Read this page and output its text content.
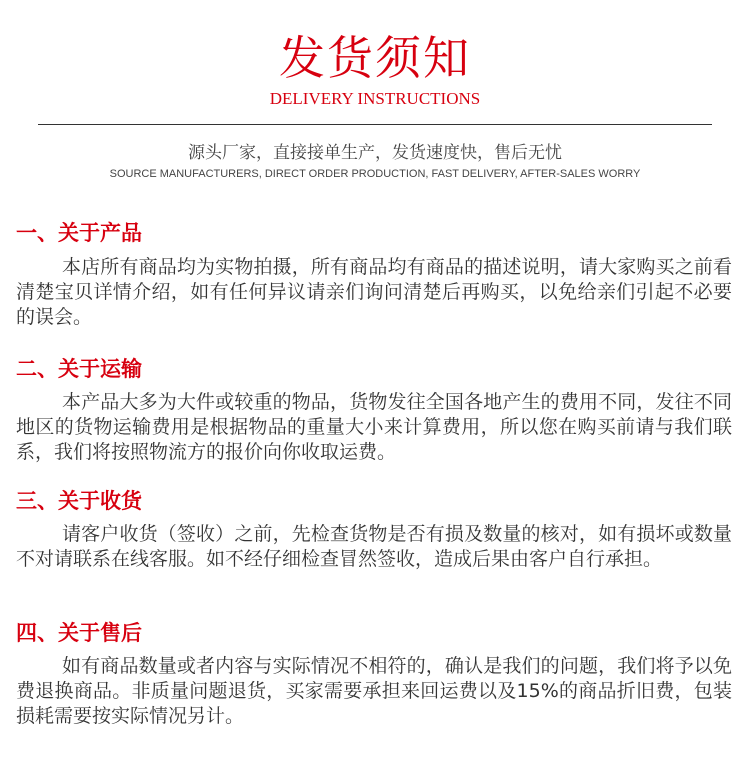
发货须知
DELIVERY INSTRUCTIONS
源头厂家，直接接单生产，发货速度快，售后无忧
SOURCE MANUFACTURERS, DIRECT ORDER PRODUCTION, FAST DELIVERY, AFTER-SALES WORRY
一、关于产品
本店所有商品均为实物拍摄，所有商品均有商品的描述说明，请大家购买之前看清楚宝贝详情介绍，如有任何异议请亲们询问清楚后再购买，以免给亲们引起不必要的误会。
二、关于运输
本产品大多为大件或较重的物品，货物发往全国各地产生的费用不同，发往不同地区的货物运输费用是根据物品的重量大小来计算费用，所以您在购买前请与我们联系，我们将按照物流方的报价向你收取运费。
三、关于收货
请客户收货（签收）之前，先检查货物是否有损及数量的核对，如有损坏或数量不对请联系在线客服。如不经仔细检查冒然签收，造成后果由客户自行承担。
四、关于售后
如有商品数量或者内容与实际情况不相符的，确认是我们的问题，我们将予以免费退换商品。非质量问题退货，买家需要承担来回运费以及15%的商品折旧费，包装损耗需要按实际情况另计。
